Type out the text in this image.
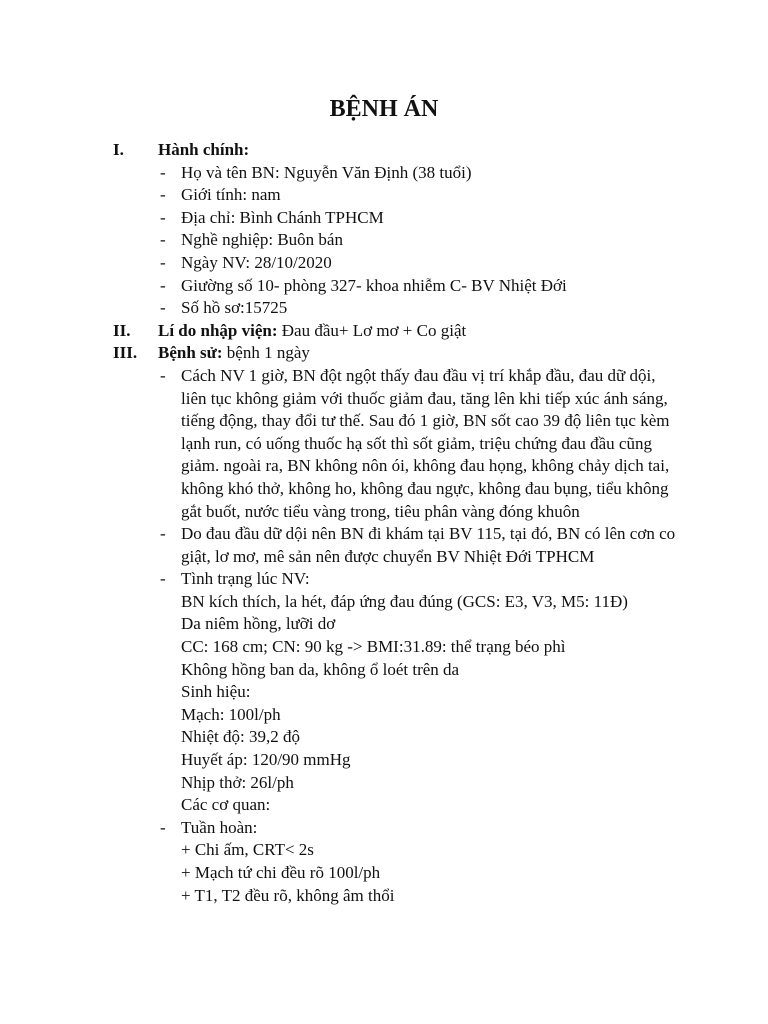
BỆNH ÁN
I. Hành chính:
- Họ và tên BN: Nguyễn Văn Định (38 tuổi)
- Giới tính: nam
- Địa chỉ: Bình Chánh TPHCM
- Nghề nghiệp: Buôn bán
- Ngày NV: 28/10/2020
- Giường số 10- phòng 327- khoa nhiễm C- BV Nhiệt Đới
- Số hồ sơ:15725
II. Lí do nhập viện: Đau đầu+ Lơ mơ + Co giật
III. Bệnh sử: bệnh 1 ngày
- Cách NV 1 giờ, BN đột ngột thấy đau đầu vị trí khắp đầu, đau dữ dội, liên tục không giảm với thuốc giảm đau, tăng lên khi tiếp xúc ánh sáng, tiếng động, thay đổi tư thế. Sau đó 1 giờ, BN sốt cao 39 độ liên tục kèm lạnh run, có uống thuốc hạ sốt thì sốt giảm, triệu chứng đau đầu cũng giảm. ngoài ra, BN không nôn ói, không đau họng, không chảy dịch tai, không khó thở, không ho, không đau ngực, không đau bụng, tiểu không gắt buốt, nước tiểu vàng trong, tiêu phân vàng đóng khuôn
- Do đau đầu dữ dội nên BN đi khám tại BV 115, tại đó, BN có lên cơn co giật, lơ mơ, mê sản nên được chuyển BV Nhiệt Đới TPHCM
- Tình trạng lúc NV:
BN kích thích, la hét, đáp ứng đau đúng (GCS: E3, V3, M5: 11Đ)
Da niêm hồng, lưỡi dơ
CC: 168 cm; CN: 90 kg -> BMI:31.89: thể trạng béo phì
Không hồng ban da, không ổ loét trên da
Sinh hiệu:
Mạch: 100l/ph
Nhiệt độ: 39,2 độ
Huyết áp: 120/90 mmHg
Nhịp thở: 26l/ph
Các cơ quan:
- Tuần hoàn:
+ Chi ấm, CRT< 2s
+ Mạch tứ chi đều rõ 100l/ph
+ T1, T2 đều rõ, không âm thổi
